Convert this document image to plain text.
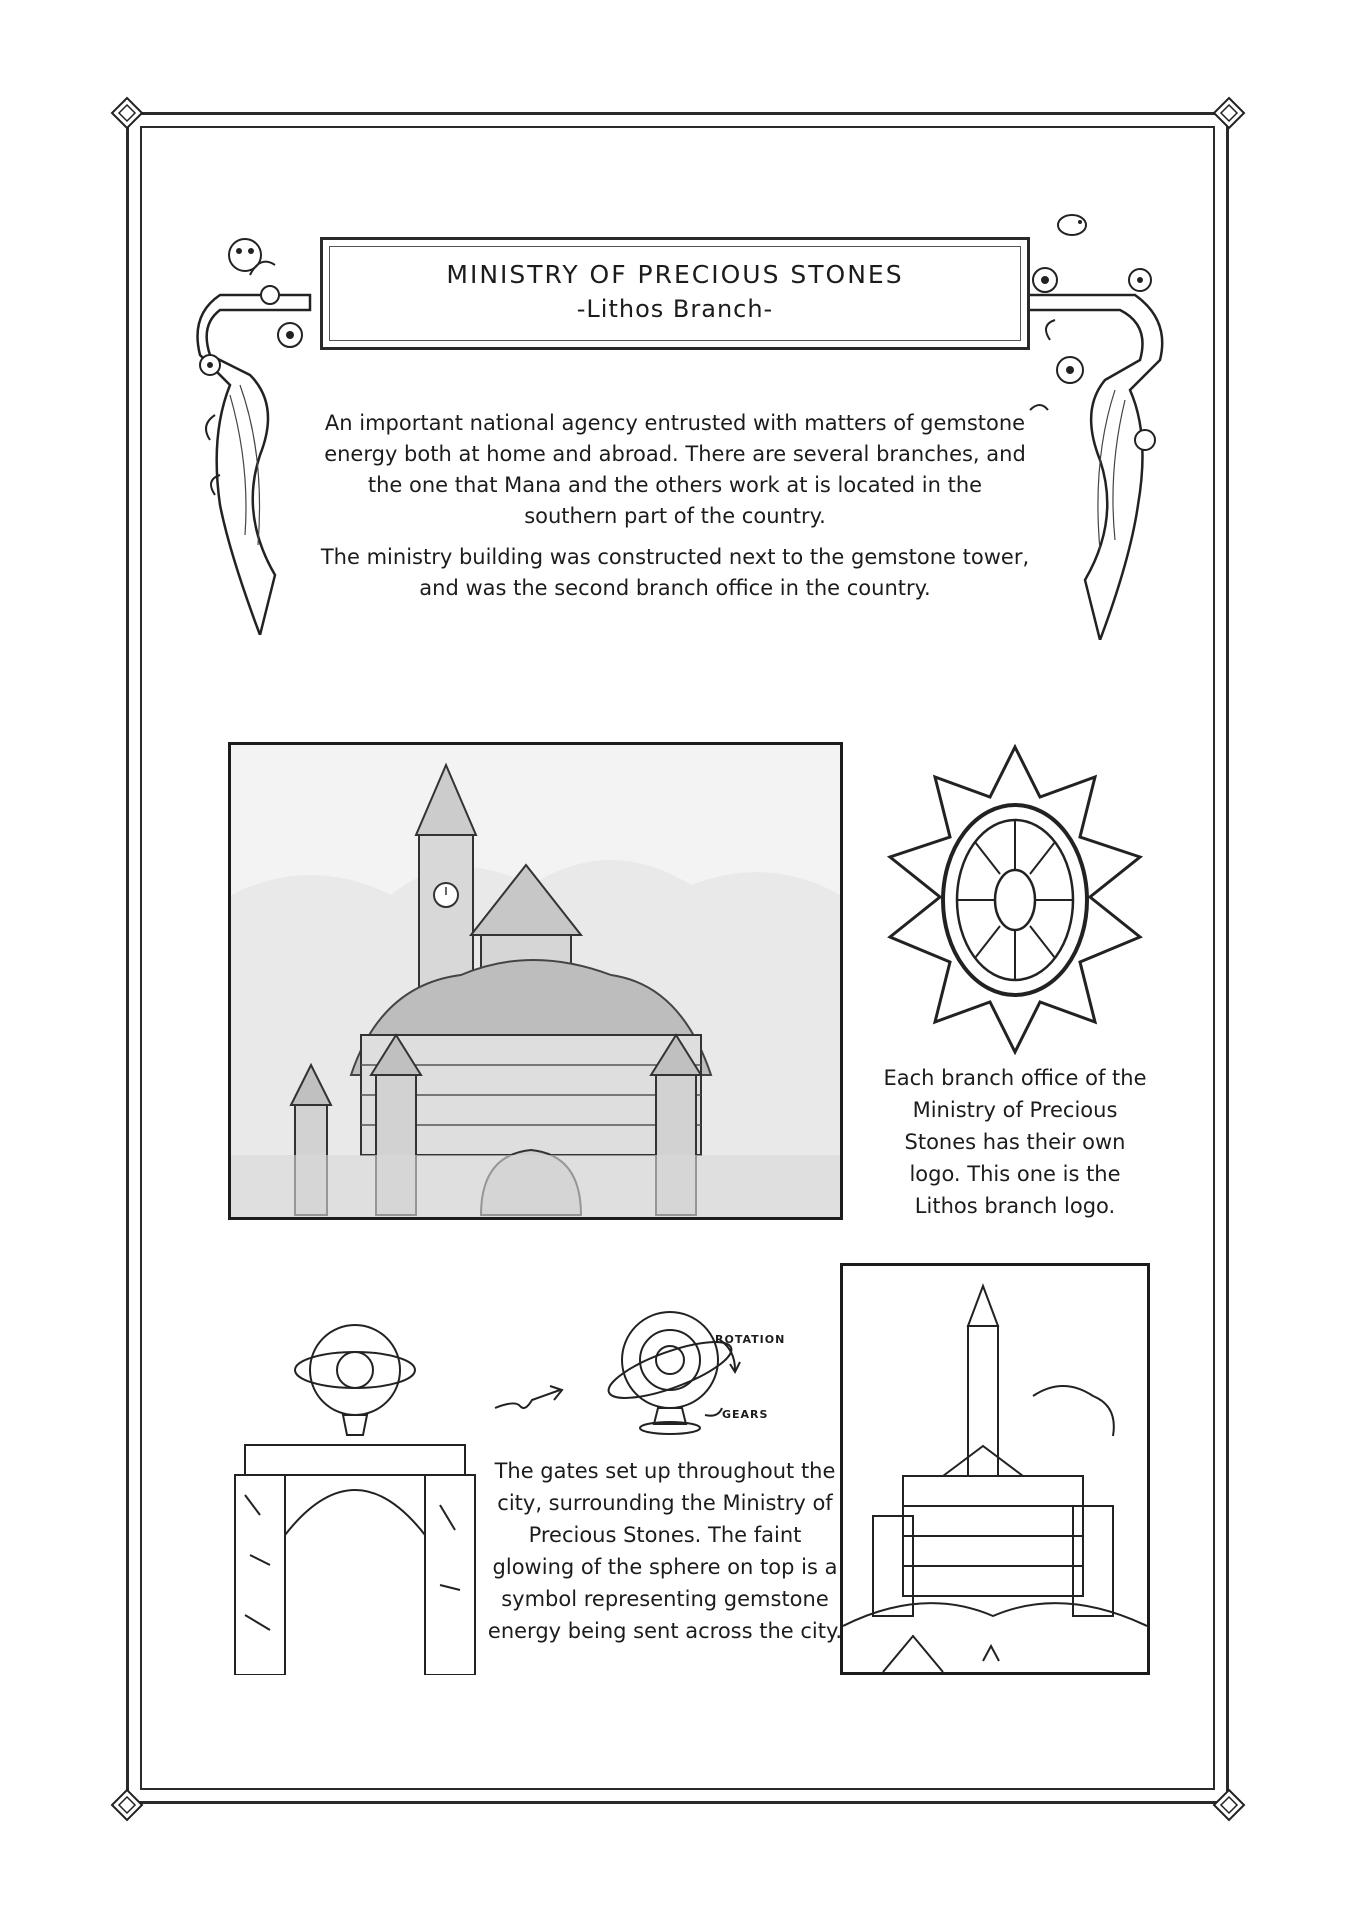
MINISTRY OF PRECIOUS STONES
-Lithos Branch-

An important national agency entrusted with matters of gemstone energy both at home and abroad. There are several branches, and the one that Mana and the others work at is located in the southern part of the country.

The ministry building was constructed next to the gemstone tower, and was the second branch office in the country.

Each branch office of the Ministry of Precious Stones has their own logo. This one is the Lithos branch logo.
ROTATION
GEARS
The gates set up throughout the city, surrounding the Ministry of Precious Stones. The faint glowing of the sphere on top is a symbol representing gemstone energy being sent across the city.
